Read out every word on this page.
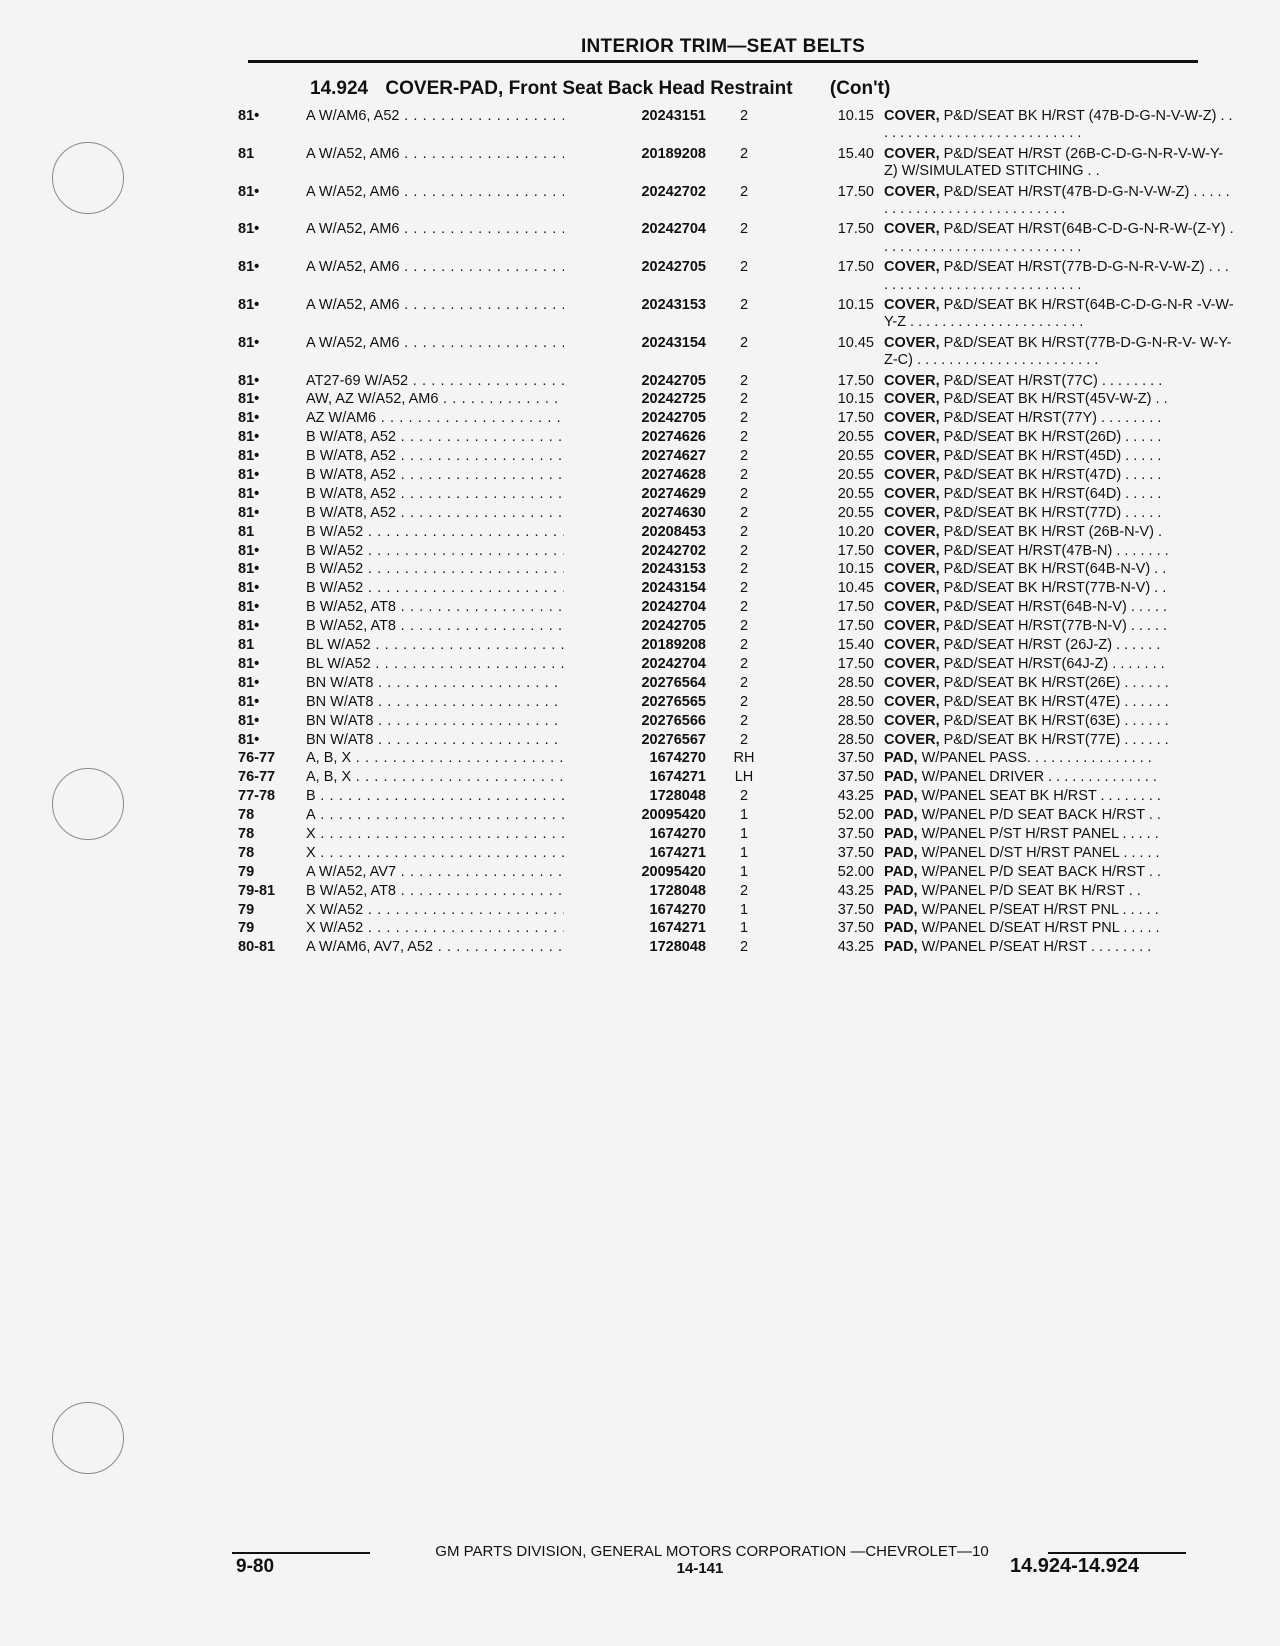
INTERIOR TRIM—SEAT BELTS
14.924 COVER-PAD, Front Seat Back Head Restraint (Con't)
81•	A W/AM6, A52 . . .	20243151	2	10.15 COVER, P&D/SEAT BK H/RST (47B-D-G-N-V-W-Z) . . . . . . . . . . . . . . . . . . . . . . . . . . .
81	A W/A52, AM6 . . .	20189208	2	15.40 COVER, P&D/SEAT H/RST (26B-C-D-G-N-R-V-W-Y-Z) W/SIMULATED STITCHING . .
81•	A W/A52, AM6 . . .	20242702	2	17.50 COVER, P&D/SEAT H/RST(47B-D-G-N-V-W-Z) . . . . . . . . . . . . . . . . . . . . . . . . . . . .
81•	A W/A52, AM6 . . .	20242704	2	17.50 COVER, P&D/SEAT H/RST(64B-C-D-G-N-R-W-(Z-Y) . . . . . . . . . . . . . . . . . . . . . . . . . .
81•	A W/A52, AM6 . . .	20242705	2	17.50 COVER, P&D/SEAT H/RST(77B-D-G-N-R-V-W-Z) . . . . . . . . . . . . . . . . . . . . . . . . . . . .
81•	A W/A52, AM6 . . .	20243153	2	10.15 COVER, P&D/SEAT BK H/RST(64B-C-D-G-N-R -V-W-Y-Z . . . . . . . . . . . . . . . . . . . . . .
81•	A W/A52, AM6 . . .	20243154	2	10.45 COVER, P&D/SEAT BK H/RST(77B-D-G-N-R-V- W-Y-Z-C) . . . . . . . . . . . . . . . . . . . . . . .
81•	AT27-69 W/A52 . . .	20242705	2	17.50 COVER, P&D/SEAT H/RST(77C) . . . . . . . .
81•	AW, AZ W/A52, AM6 . . .	20242725	2	10.15 COVER, P&D/SEAT BK H/RST(45V-W-Z) . .
81•	AZ W/AM6 . . .	20242705	2	17.50 COVER, P&D/SEAT H/RST(77Y) . . . . . . . .
81•	B W/AT8, A52 . . .	20274626	2	20.55 COVER, P&D/SEAT BK H/RST(26D) . . . . .
81•	B W/AT8, A52 . . .	20274627	2	20.55 COVER, P&D/SEAT BK H/RST(45D) . . . . .
81•	B W/AT8, A52 . . .	20274628	2	20.55 COVER, P&D/SEAT BK H/RST(47D) . . . . .
81•	B W/AT8, A52 . . .	20274629	2	20.55 COVER, P&D/SEAT BK H/RST(64D) . . . . .
81•	B W/AT8, A52 . . .	20274630	2	20.55 COVER, P&D/SEAT BK H/RST(77D) . . . . .
81	B W/A52 . . .	20208453	2	10.20 COVER, P&D/SEAT BK H/RST (26B-N-V) .
81•	B W/A52 . . .	20242702	2	17.50 COVER, P&D/SEAT H/RST(47B-N) . . . . . . .
81•	B W/A52 . . .	20243153	2	10.15 COVER, P&D/SEAT BK H/RST(64B-N-V) . .
81•	B W/A52 . . .	20243154	2	10.45 COVER, P&D/SEAT BK H/RST(77B-N-V) . .
81•	B W/A52, AT8 . . .	20242704	2	17.50 COVER, P&D/SEAT H/RST(64B-N-V) . . . . .
81•	B W/A52, AT8 . . .	20242705	2	17.50 COVER, P&D/SEAT H/RST(77B-N-V) . . . . .
81	BL W/A52 . . .	20189208	2	15.40 COVER, P&D/SEAT H/RST (26J-Z) . . . . . .
81•	BL W/A52 . . .	20242704	2	17.50 COVER, P&D/SEAT H/RST(64J-Z) . . . . . . .
81•	BN W/AT8 . . .	20276564	2	28.50 COVER, P&D/SEAT BK H/RST(26E) . . . . . .
81•	BN W/AT8 . . .	20276565	2	28.50 COVER, P&D/SEAT BK H/RST(47E) . . . . . .
81•	BN W/AT8 . . .	20276566	2	28.50 COVER, P&D/SEAT BK H/RST(63E) . . . . . .
81•	BN W/AT8 . . .	20276567	2	28.50 COVER, P&D/SEAT BK H/RST(77E) . . . . . .
76-77	A, B, X . . .	1674270	RH	37.50 PAD, W/PANEL PASS. . . . . . . . . . . . . . . .
76-77	A, B, X . . .	1674271	LH	37.50 PAD, W/PANEL DRIVER . . . . . . . . . . . . . .
77-78	B . . .	1728048	2	43.25 PAD, W/PANEL SEAT BK H/RST . . . . . . . .
78	A . . .	20095420	1	52.00 PAD, W/PANEL P/D SEAT BACK H/RST . .
78	X . . .	1674270	1	37.50 PAD, W/PANEL P/ST H/RST PANEL . . . . .
78	X . . .	1674271	1	37.50 PAD, W/PANEL D/ST H/RST PANEL . . . . .
79	A W/A52, AV7 . . .	20095420	1	52.00 PAD, W/PANEL P/D SEAT BACK H/RST . .
79-81	B W/A52, AT8 . . .	1728048	2	43.25 PAD, W/PANEL P/D SEAT BK H/RST . .
79	X W/A52 . . .	1674270	1	37.50 PAD, W/PANEL P/SEAT H/RST PNL . . . . .
79	X W/A52 . . .	1674271	1	37.50 PAD, W/PANEL D/SEAT H/RST PNL . . . . .
80-81	A W/AM6, AV7, A52 . . .	1728048	2	43.25 PAD, W/PANEL P/SEAT H/RST . . . . . . . .
GM PARTS DIVISION, GENERAL MOTORS CORPORATION —CHEVROLET—10
9-80	14-141	14.924-14.924
